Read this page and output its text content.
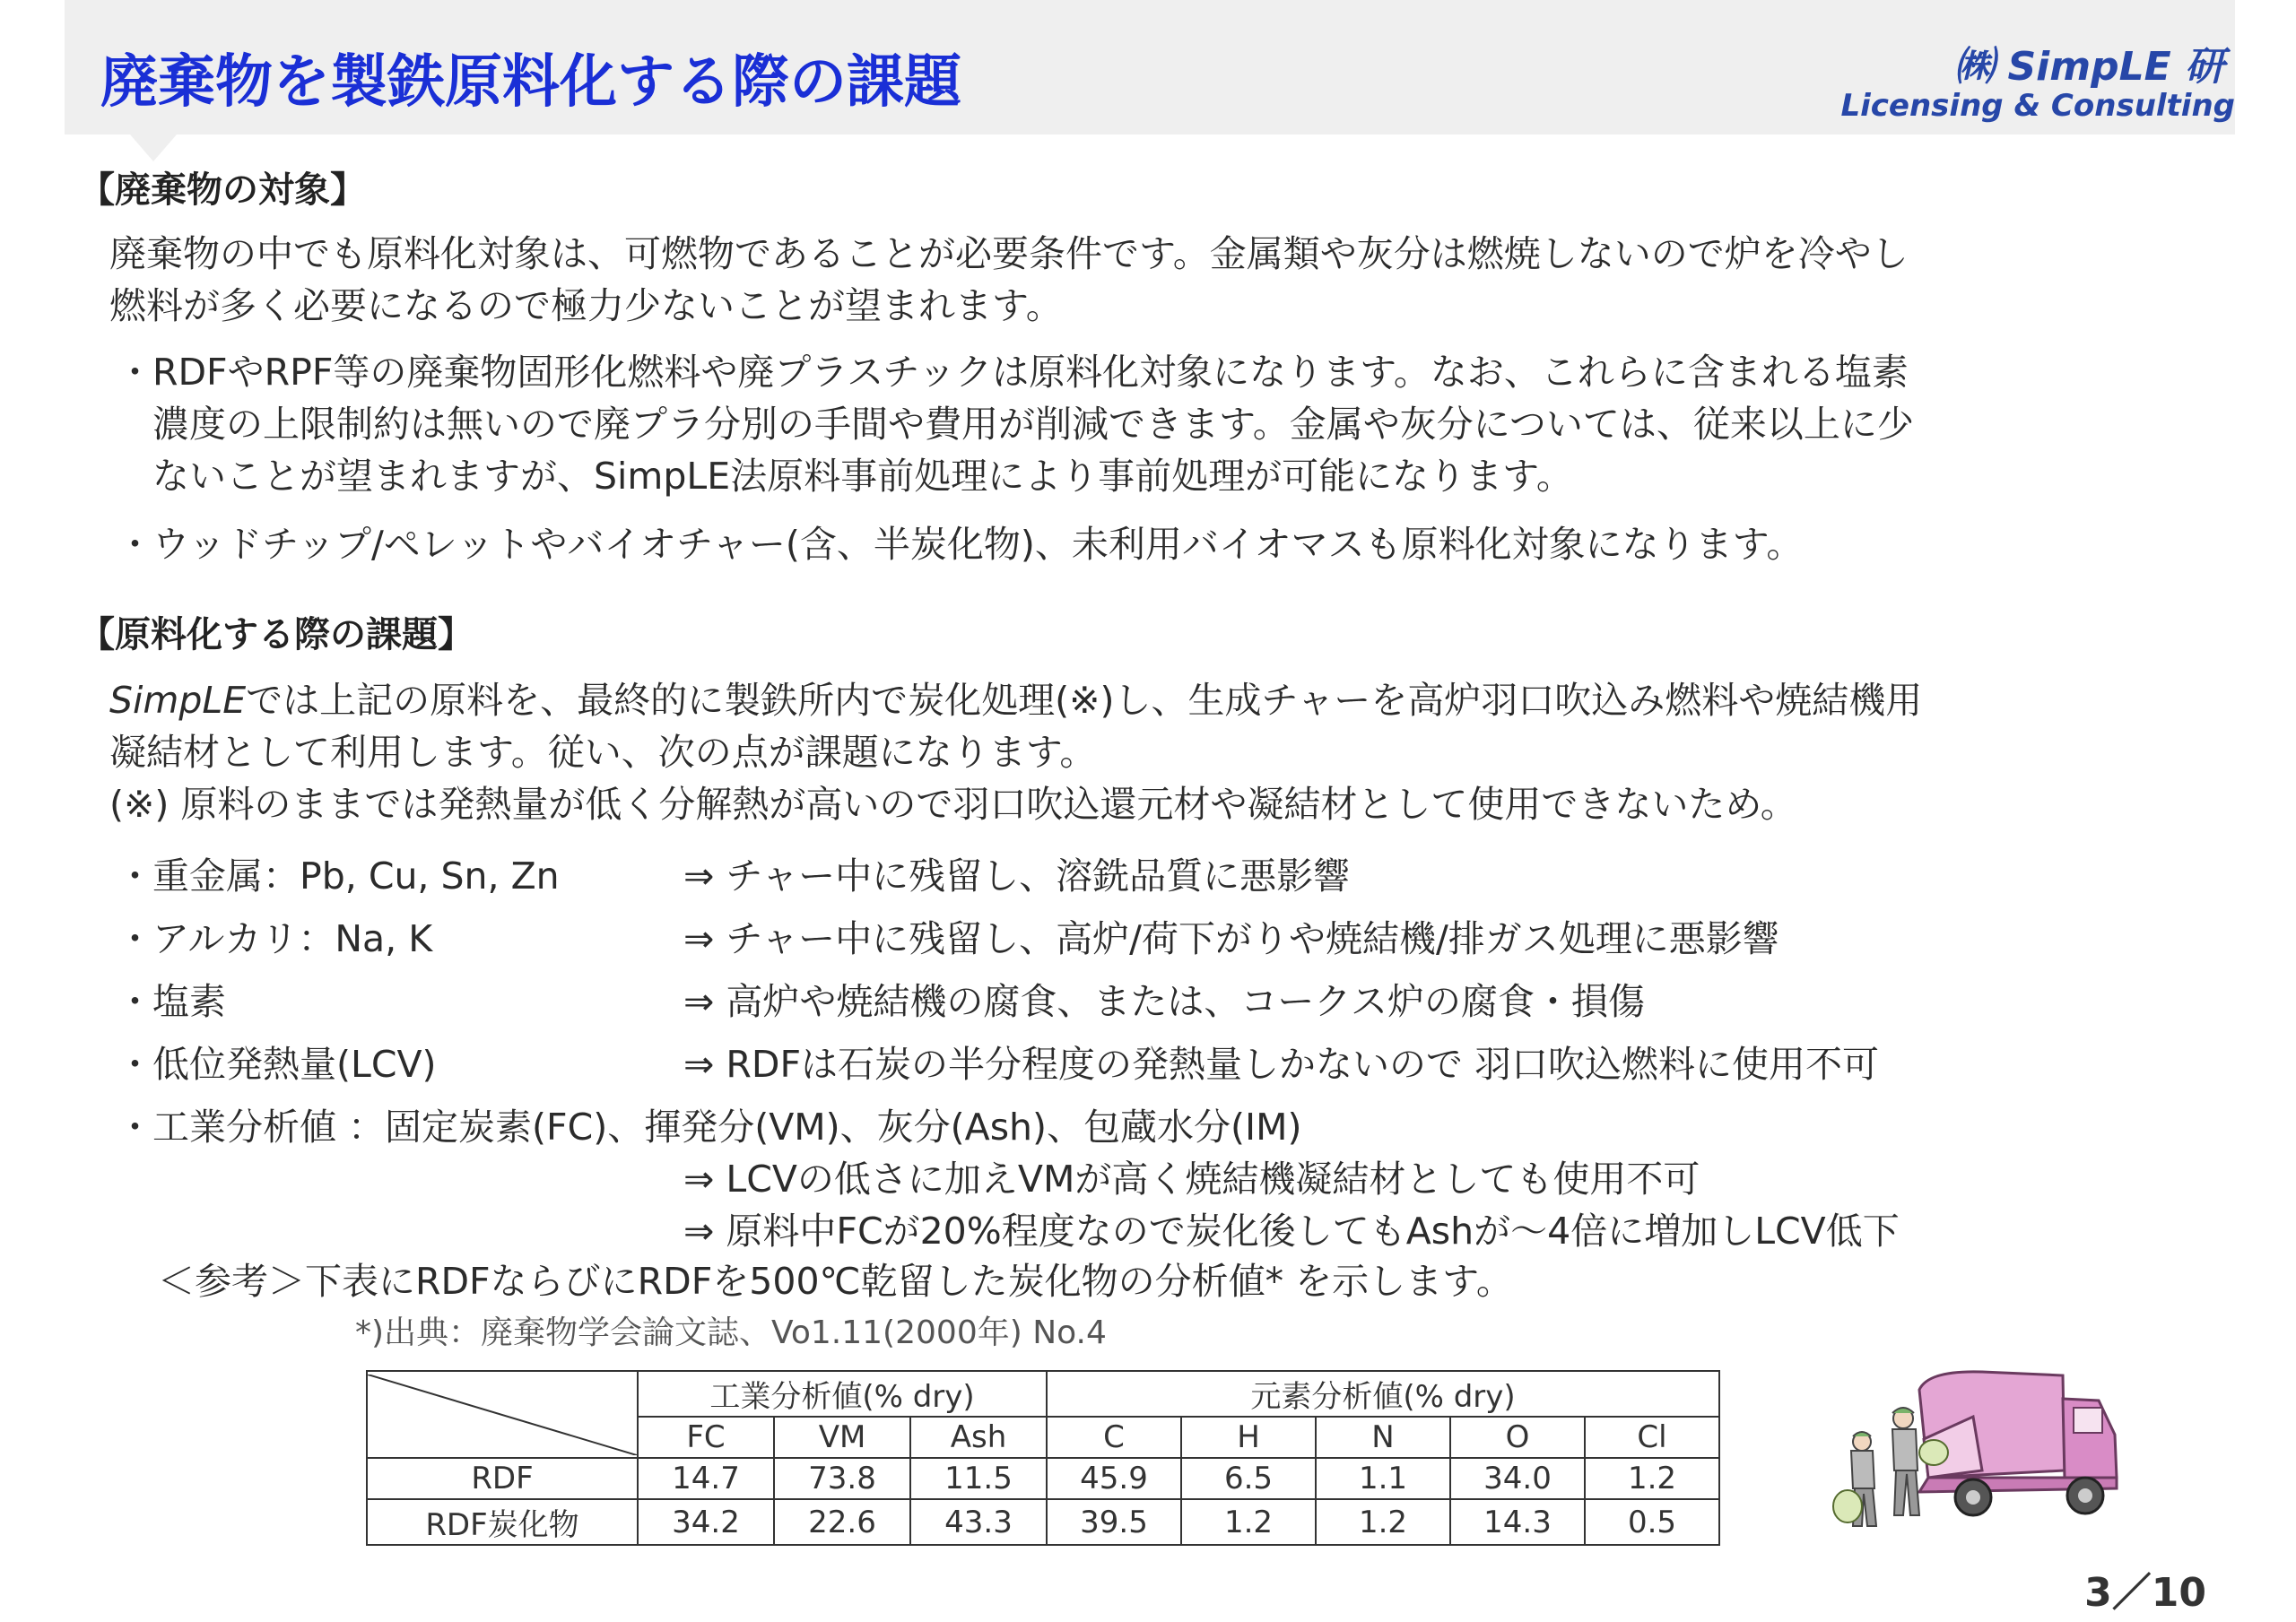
廃棄物を製鉄原料化する際の課題	㈱ SimpLE 研
Licensing & Consulting
【廃棄物の対象】
廃棄物の中でも原料化対象は、可燃物であることが必要条件です。金属類や灰分は燃焼しないので炉を冷やし
燃料が多く必要になるので極力少ないことが望まれます。
・ RDFやRPF等の廃棄物固形化燃料や廃プラスチックは原料化対象になります。なお、これらに含まれる塩素
濃度の上限制約は無いので廃プラ分別の手間や費用が削減できます。金属や灰分については、従来以上に少
ないことが望まれますが、SimpLE法原料事前処理により事前処理が可能になります。
・ ウッドチップ/ペレットやバイオチャー(含、半炭化物)、未利用バイオマスも原料化対象になります。
【原料化する際の課題】
SimpLEでは上記の原料を、最終的に製鉄所内で炭化処理(※)し、生成チャーを高炉羽口吹込み燃料や焼結機用
凝結材として利用します。従い、次の点が課題になります。
(※) 原料のままでは発熱量が低く分解熱が高いので羽口吹込還元材や凝結材として使用できないため。
・ 重金属：Pb, Cu, Sn, Zn	⇒ チャー中に残留し、溶銑品質に悪影響
・ アルカリ：Na, K	⇒ チャー中に残留し、高炉/荷下がりや焼結機/排ガス処理に悪影響
・ 塩素	⇒ 高炉や焼結機の腐食、または、コークス炉の腐食・損傷
・ 低位発熱量(LCV)	⇒ RDFは石炭の半分程度の発熱量しかないので 羽口吹込燃料に使用不可
・ 工業分析値 ：固定炭素(FC)、揮発分(VM)、灰分(Ash)、包蔵水分(IM)
⇒ LCVの低さに加えVMが高く焼結機凝結材としても使用不可
⇒ 原料中FCが20%程度なので炭化後してもAshが～4倍に増加しLCV低下
＜参考＞下表にRDFならびにRDFを500℃乾留した炭化物の分析値* を示します。
*)出典：廃棄物学会論文誌、Vo1.11(2000年) No.4
	工業分析値(% dry)			元素分析値(% dry)				
	FC	VM	Ash	C	H	N	O	Cl
RDF	14.7	73.8	11.5	45.9	6.5	1.1	34.0	1.2
RDF炭化物	34.2	22.6	43.3	39.5	1.2	1.2	14.3	0.5
3／10
